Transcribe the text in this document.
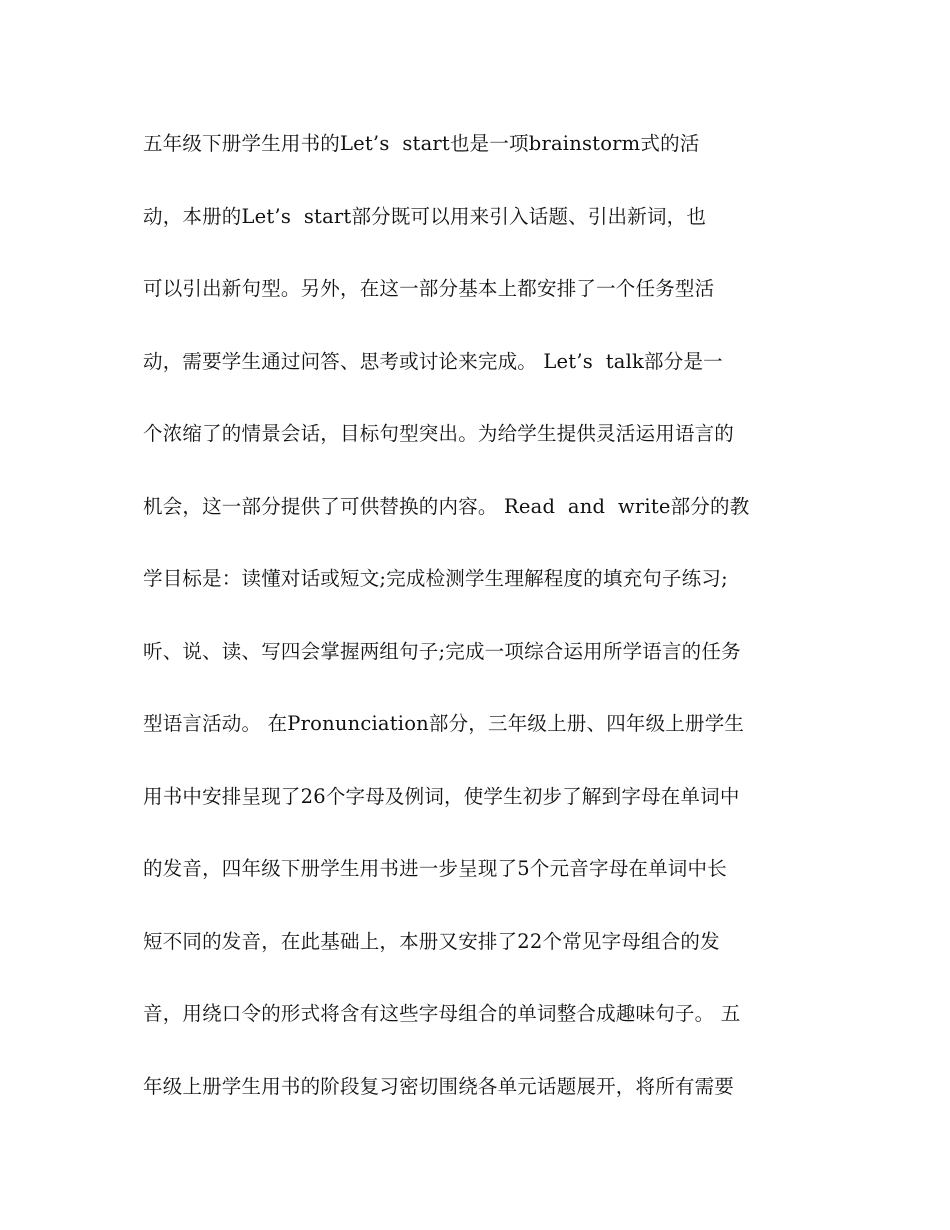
五年级下册学生用书的Let’s  start也是一项brainstorm式的活
动，本册的Let’s  start部分既可以用来引入话题、引出新词，也
可以引出新句型。另外，在这一部分基本上都安排了一个任务型活
动，需要学生通过问答、思考或讨论来完成。 Let’s  talk部分是一
个浓缩了的情景会话，目标句型突出。为给学生提供灵活运用语言的
机会，这一部分提供了可供替换的内容。 Read  and  write部分的教
学目标是：读懂对话或短文;完成检测学生理解程度的填充句子练习;
听、说、读、写四会掌握两组句子;完成一项综合运用所学语言的任务
型语言活动。 在Pronunciation部分，三年级上册、四年级上册学生
用书中安排呈现了26个字母及例词，使学生初步了解到字母在单词中
的发音，四年级下册学生用书进一步呈现了5个元音字母在单词中长
短不同的发音，在此基础上，本册又安排了22个常见字母组合的发
音，用绕口令的形式将含有这些字母组合的单词整合成趣味句子。 五
年级上册学生用书的阶段复习密切围绕各单元话题展开，将所有需要
